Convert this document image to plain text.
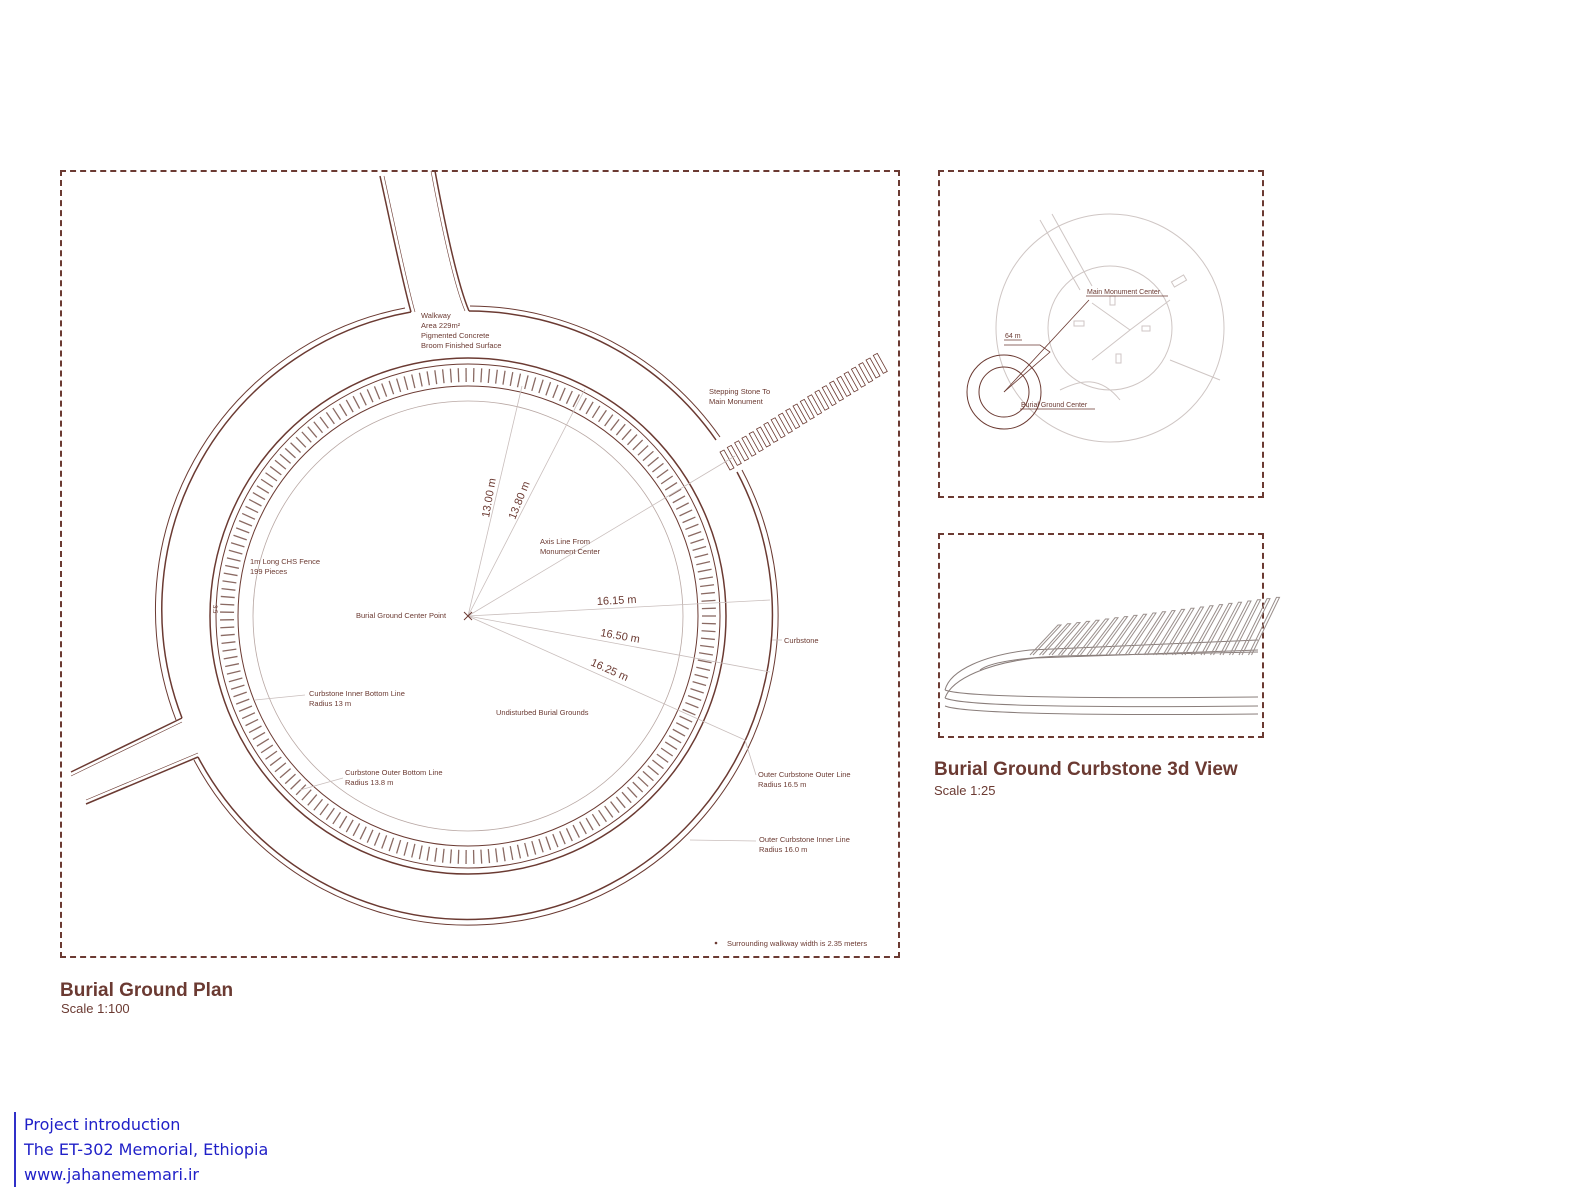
Walkway
Area 229m²
Pigmented Concrete
Broom Finished Surface
Stepping Stone To
Main Monument
1m Long CHS Fence
199 Pieces
Axis Line From
Monument Center
Burial Ground Center Point
Curbstone
Curbstone Inner Bottom Line
Radius 13 m
Undisturbed Burial Grounds
Curbstone Outer Bottom Line
Radius 13.8 m
Outer Curbstone Outer Line
Radius 16.5 m
Outer Curbstone Inner Line
Radius 16.0 m
Surrounding walkway width is 2.35 meters
3.5
13.00 m 13.80 m
16.15 m
16.50 m
16.25 m
Main Monument Center
64 m
Burial Ground Center
Burial Ground Plan
Scale 1:100
Burial Ground Curbstone 3d View
Scale 1:25
Project introduction
The ET-302 Memorial, Ethiopia
www.jahanememari.ir
